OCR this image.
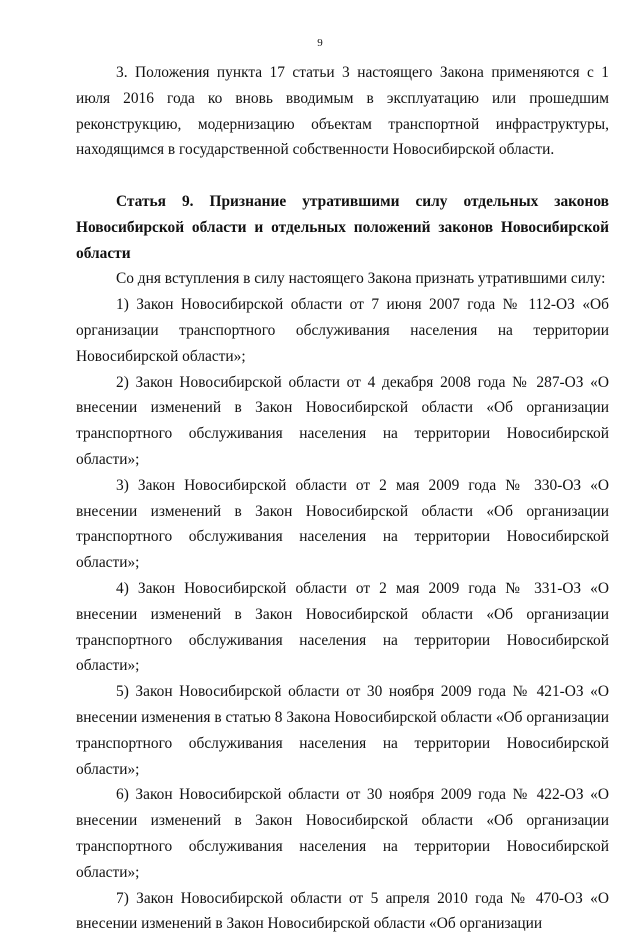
9

3. Положения пункта 17 статьи 3 настоящего Закона применяются с 1 июля 2016 года ко вновь вводимым в эксплуатацию или прошедшим реконструкцию, модернизацию объектам транспортной инфраструктуры, находящимся в государственной собственности Новосибирской области.

Статья 9. Признание утратившими силу отдельных законов Новосибирской области и отдельных положений законов Новосибирской области

Со дня вступления в силу настоящего Закона признать утратившими силу:

1) Закон Новосибирской области от 7 июня 2007 года № 112-ОЗ «Об организации транспортного обслуживания населения на территории Новосибирской области»;

2) Закон Новосибирской области от 4 декабря 2008 года № 287-ОЗ «О внесении изменений в Закон Новосибирской области «Об организации транспортного обслуживания населения на территории Новосибирской области»;

3) Закон Новосибирской области от 2 мая 2009 года № 330-ОЗ «О внесении изменений в Закон Новосибирской области «Об организации транспортного обслуживания населения на территории Новосибирской области»;

4) Закон Новосибирской области от 2 мая 2009 года № 331-ОЗ «О внесении изменений в Закон Новосибирской области «Об организации транспортного обслуживания населения на территории Новосибирской области»;

5) Закон Новосибирской области от 30 ноября 2009 года № 421-ОЗ «О внесении изменения в статью 8 Закона Новосибирской области «Об организации транспортного обслуживания населения на территории Новосибирской области»;

6) Закон Новосибирской области от 30 ноября 2009 года № 422-ОЗ «О внесении изменений в Закон Новосибирской области «Об организации транспортного обслуживания населения на территории Новосибирской области»;

7) Закон Новосибирской области от 5 апреля 2010 года № 470-ОЗ «О внесении изменений в Закон Новосибирской области «Об организации
